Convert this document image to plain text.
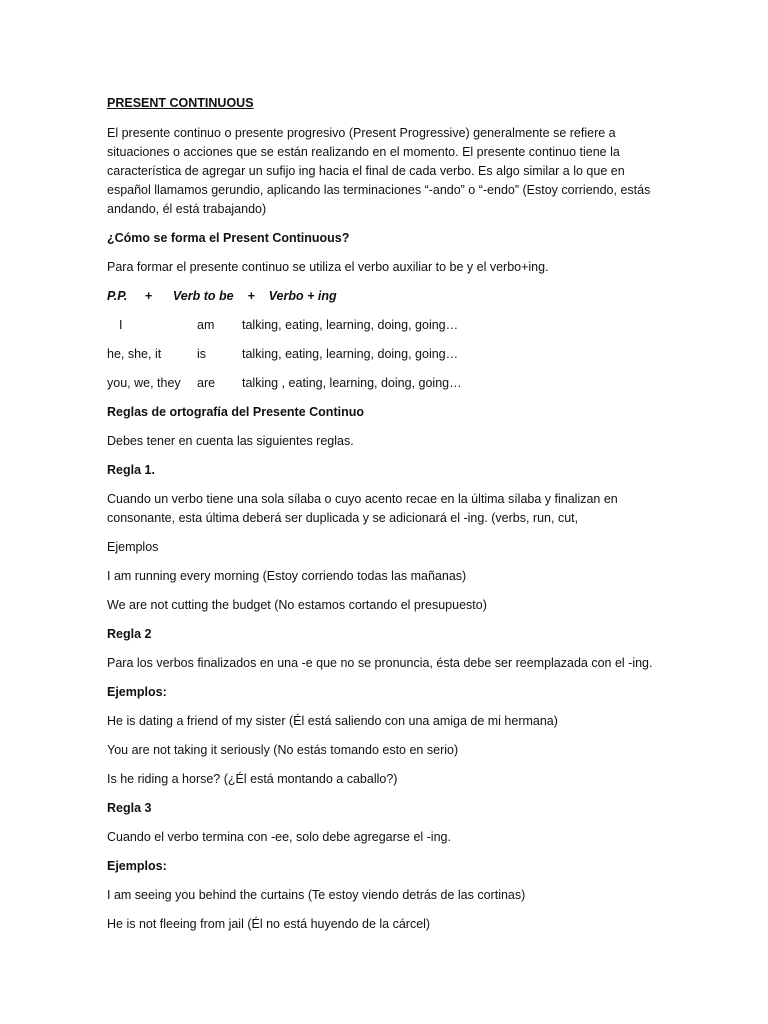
PRESENT CONTINUOUS

El presente continuo o presente progresivo (Present Progressive) generalmente se refiere a situaciones o acciones que se están realizando en el momento. El presente continuo tiene la característica de agregar un sufijo ing hacia el final de cada verbo. Es algo similar a lo que en español llamamos gerundio, aplicando las terminaciones “-ando” o “-endo” (Estoy corriendo, estás andando, él está trabajando)

¿Cómo se forma el Present Continuous?

Para formar el presente continuo se utiliza el verbo auxiliar to be y el verbo+ing.

P.P.     +      Verb to be    +    Verbo + ing

I	am	talking, eating, learning, doing, going…
he, she, it	is	talking, eating, learning, doing, going…
you, we, they	are	talking , eating, learning, doing, going…

Reglas de ortografía del Presente Continuo

Debes tener en cuenta las siguientes reglas.

Regla 1.

Cuando un verbo tiene una sola sílaba o cuyo acento recae en la última sílaba y finalizan en consonante, esta última deberá ser duplicada y se adicionará el -ing. (verbs, run, cut,

Ejemplos

I am running every morning (Estoy corriendo todas las mañanas)

We are not cutting the budget (No estamos cortando el presupuesto)

Regla 2

Para los verbos finalizados en una -e que no se pronuncia, ésta debe ser reemplazada con el -ing.

Ejemplos:

He is dating a friend of my sister (Él está saliendo con una amiga de mi hermana)

You are not taking it seriously (No estás tomando esto en serio)

Is he riding a horse? (¿Él está montando a caballo?)

Regla 3

Cuando el verbo termina con -ee, solo debe agregarse el -ing.

Ejemplos:

I am seeing you behind the curtains (Te estoy viendo detrás de las cortinas)

He is not fleeing from jail (Él no está huyendo de la cárcel)
